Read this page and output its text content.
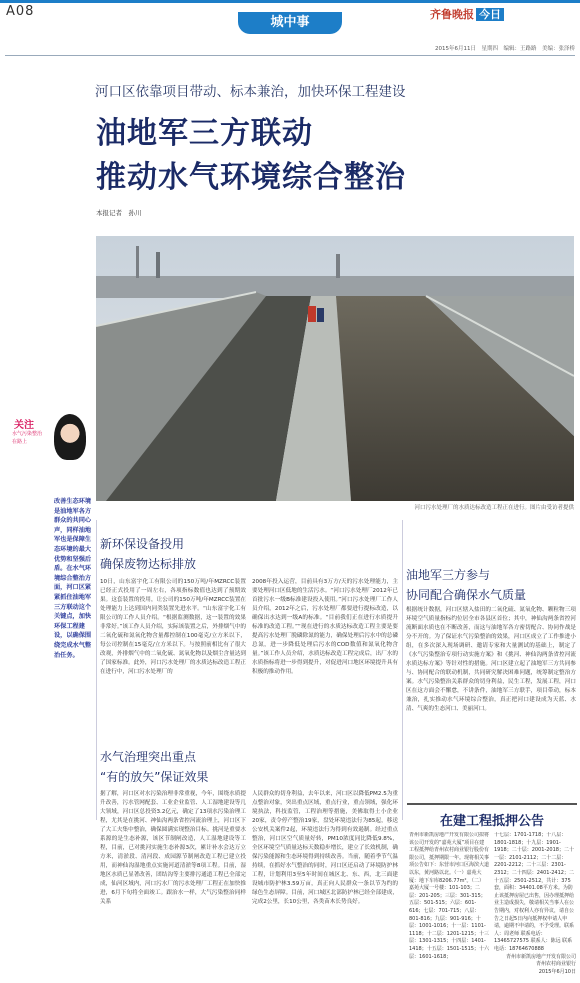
A08
城中事
齐鲁晚报 今日
2015年6月11日　星期四　编辑：王路路　美编：张泽桥
河口区依靠项目带动、标本兼治，加快环保工程建设
油地军三方联动
推动水气环境综合整治
本报记者　孙川
河口污水处理厂的水质达标改造工程正在进行。图片由受访者提供
关注
水气污染整治
在路上
改善生态环境是油地军各方群众的共同心声，同样油地军也是保障生态环境的最大优势和坚强后盾。在水气环境综合整治方面，河口区紧紧抓住油地军三方联动这个关键点，加快环保工程建设，以确保围绕完成水气整治任务。
新环保设备投用
确保废物达标排放
10日，山东富宇化工有限公司的150万吨/年MZRCC装置已经正式投用了一周左右，各项指标数值也达到了预期效果。这套装置的投用，让公司的150万吨/年MZRCC装置在处理能力上达到国内同类装置先进水平。“山东富宇化工有限公司的工作人员介绍。“根据监测数据，这一装置的效果非常好。”该工作人员介绍，实际该装置之后，外排烟气中的二氧化硫和氮氧化物含量都控制在100毫克/立方米以下，每公司控制在15毫克/立方米以下。与按照前相比有了很大改观，外排烟气中的二氧化硫、氮氧化物以及烟尘含量达到了国家标准。此外，河口污水处理厂的水质达标改造工程正在进行中，河口污水处理厂的
2008年投入运营，目前具有3万方/天的污水处理能力，主要处理河口区低地的生活污水。“河口污水处理厂2012年已首批污水一级B标准建设投入使用。”河口污水处理厂工作人员介绍，2012年之后，污水处理厂都要进行提标改造，以确保出水达到一级A的标准。“目前我们正在进行水质提升标准的改造工程。”“现在进行的水质达标改造工程主要是要提高污水处理厂脱磷除氮的能力，确保处理后污水中的总磷总氮，进一步降低处理后污水的COD数值和氮氧化物含量。”该工作人员介绍，水质达标改造工程完成后，出厂水的水质指标将进一步得到提升，对促进河口地区环境提升具有积极的推动作用。
水气治理突出重点
“有的放矢”保证效果
据了解，河口区对水污染治理非常重视，今年，围绕水质提升改善，污水管网配套、工业企业监管、人工湿地建设等几大领域，河口区总投资3.2亿元，确定了13项水污染治理工程，尤其是在挑河、神仙沟两条省控河流治理上，河口区下了大工夫集中整治，确保圆满实现整治目标。挑河是重要水系源的是生态补源，该区节制闸改造，人工湿地建设等工程，目前，已对挑河实施生态补源3次，累计补水会达万立方米，清淤段、清河段、成园源节制闸改造工程已建立投用，而神仙沟湿地重点实施河道清淤等8项工程。目前，湿地区水质已显著改善，团结沟等主要排污通道工程已全部完成，仙河区域内，河口污水厂的污水处理厂工程正在加快推进，6月下旬将全面竣工。跟治水一样，大气污染整治同样关系
人民群众的切身利益，去年以来，河口区以降低PM2.5为重点整治对象，突出重点区域，重点行业，重点领域，强化环境执法，科技监管，工程治理等措施，美佛取得土小企业20家，责令停产整治19家，盘处环境违法行为85起，移送公安机关案件2起，环境违法行为得到有效遏制。经过重点整治，河口区空气质量好转，PM10浓度同比降低9.8%，全区环境空气质量达标天数稳步增长，建立了长效机制，确保污染能源和生态环境得到持续改善。当前，随着季节气温持续，在抓好水气整治的同时，河口区还启动了环境防护林工程，计划利用3至5年时间在城区北、东、西，北三面建设城市防护林3.59万亩，真正向人民群众一条以节为约的绿色生态屏障。目前，河口城区北部防护林已经全部建成，完成2公里，长10公里，各类苗木长势良好。
油地军三方参与
协同配合确保水气质量
根据统计数据，河口区辖入盐田的二氧化硫、氮氧化物、颗粒物三项环境空气质量指标约位居全市各县区首位；其中，神仙沟两条省控河流断面水质也在不断改善，而这与油地军各方密切配合、协同作战是分不开的。为了保证水气污染整治的效果，河口区成立了工作推进小组，在多次深入现场调研、邀请专家和大量测试的基础上，制定了《水气污染整治专项行动实施方案》和《挑河、神仙沟两条省控河流水质达标方案》等针对性的措施。河口区建立起了油地军三方共同参与、协同配合的联动机制，共同研究解决困难问题，统筹制定整治方案。水气污染整治关系群众的切身利益，民生工程，发展工程，河口区在这方面会不懈怠，不讲条件，油地军三方联手，项目带动，标本兼治，扎实推动水气环境综合整治，真正把河口建设成为天蓝、水清、气爽的生态河口、美丽河口。
在建工程抵押公告
青州市新凯房地产开发有限公司拟将该公司开发的“嘉苑大厦”项目在建工程抵押给青州农村商业银行股份有限公司，抵押期限一年。现将相关事项公告如下：东营市河口区海滨大道以东，黄河路以北。（一）嘉苑大厦：地下车库8206.77m²。（二）嘉苑大厦一号楼：101-103；二层：201-205；三层：301-315；五层：501-515；六层：601-616；七层：701-715；八层：801-816；九层：901-916；十层：1001-1016；十一层：1101-1118；十二层：1201-1215；十三层：1301-1315；十四层：1401-1418；十五层：1501-1515；十六层：1601-1618；
十七层：1701-1718；十八层：1801-1818；十九层：1901-1918；二十层：2001-2018；二十一层：2101-2112；二十二层：2201-2212；二十三层：2301-2312；二十四层：2401-2412；二十五层：2501-2512，共计：375套，面积：34401.08平方米。为防止该抵押房屋已出售，因办理抵押给业主造成损失，敬请相关当事人在公告期内，对权利人亦有异议，请自公告之日起5日内向抵押权申请人申请，逾期不申请的，不予受理。联系人：周老师 联系电话：13465727575 联系人：陈远 联系电话：18764670888
青州市新凯房地产开发有限公司
青州农村商业银行
2015年6月10日
